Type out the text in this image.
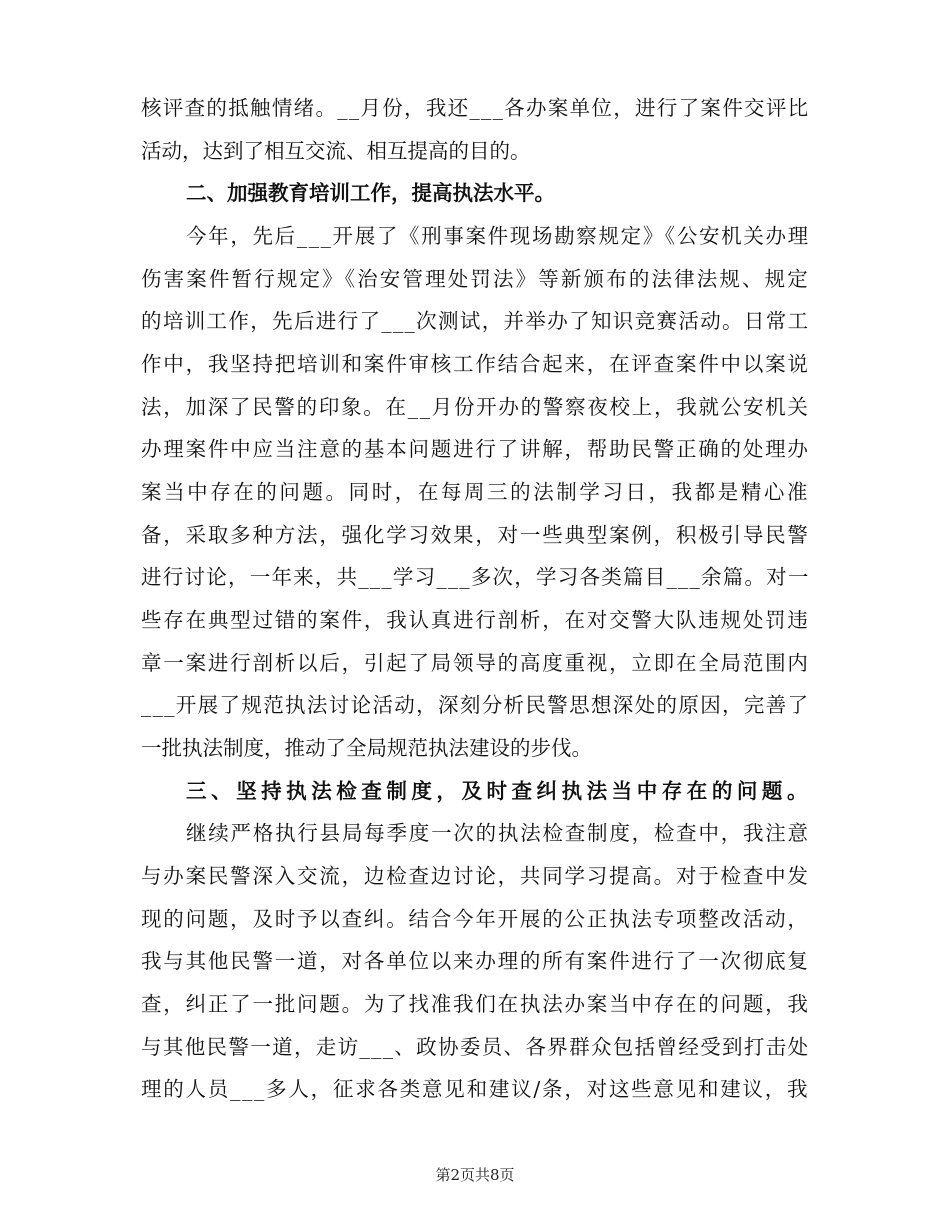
核评查的抵触情绪。__月份，我还___各办案单位，进行了案件交评比
活动，达到了相互交流、相互提高的目的。
二、加强教育培训工作，提高执法水平。
今年，先后___开展了《刑事案件现场勘察规定》《公安机关办理
伤害案件暂行规定》《治安管理处罚法》等新颁布的法律法规、规定
的培训工作，先后进行了___次测试，并举办了知识竞赛活动。日常工
作中，我坚持把培训和案件审核工作结合起来，在评查案件中以案说
法，加深了民警的印象。在__月份开办的警察夜校上，我就公安机关
办理案件中应当注意的基本问题进行了讲解，帮助民警正确的处理办
案当中存在的问题。同时，在每周三的法制学习日，我都是精心准
备，采取多种方法，强化学习效果，对一些典型案例，积极引导民警
进行讨论，一年来，共___学习___多次，学习各类篇目___余篇。对一
些存在典型过错的案件，我认真进行剖析，在对交警大队违规处罚违
章一案进行剖析以后，引起了局领导的高度重视，立即在全局范围内
___开展了规范执法讨论活动，深刻分析民警思想深处的原因，完善了
一批执法制度，推动了全局规范执法建设的步伐。
三、坚持执法检查制度，及时查纠执法当中存在的问题。
继续严格执行县局每季度一次的执法检查制度，检查中，我注意
与办案民警深入交流，边检查边讨论，共同学习提高。对于检查中发
现的问题，及时予以查纠。结合今年开展的公正执法专项整改活动，
我与其他民警一道，对各单位以来办理的所有案件进行了一次彻底复
查，纠正了一批问题。为了找准我们在执法办案当中存在的问题，我
与其他民警一道，走访___、政协委员、各界群众包括曾经受到打击处
理的人员___多人，征求各类意见和建议/条，对这些意见和建议，我
第2页共8页
